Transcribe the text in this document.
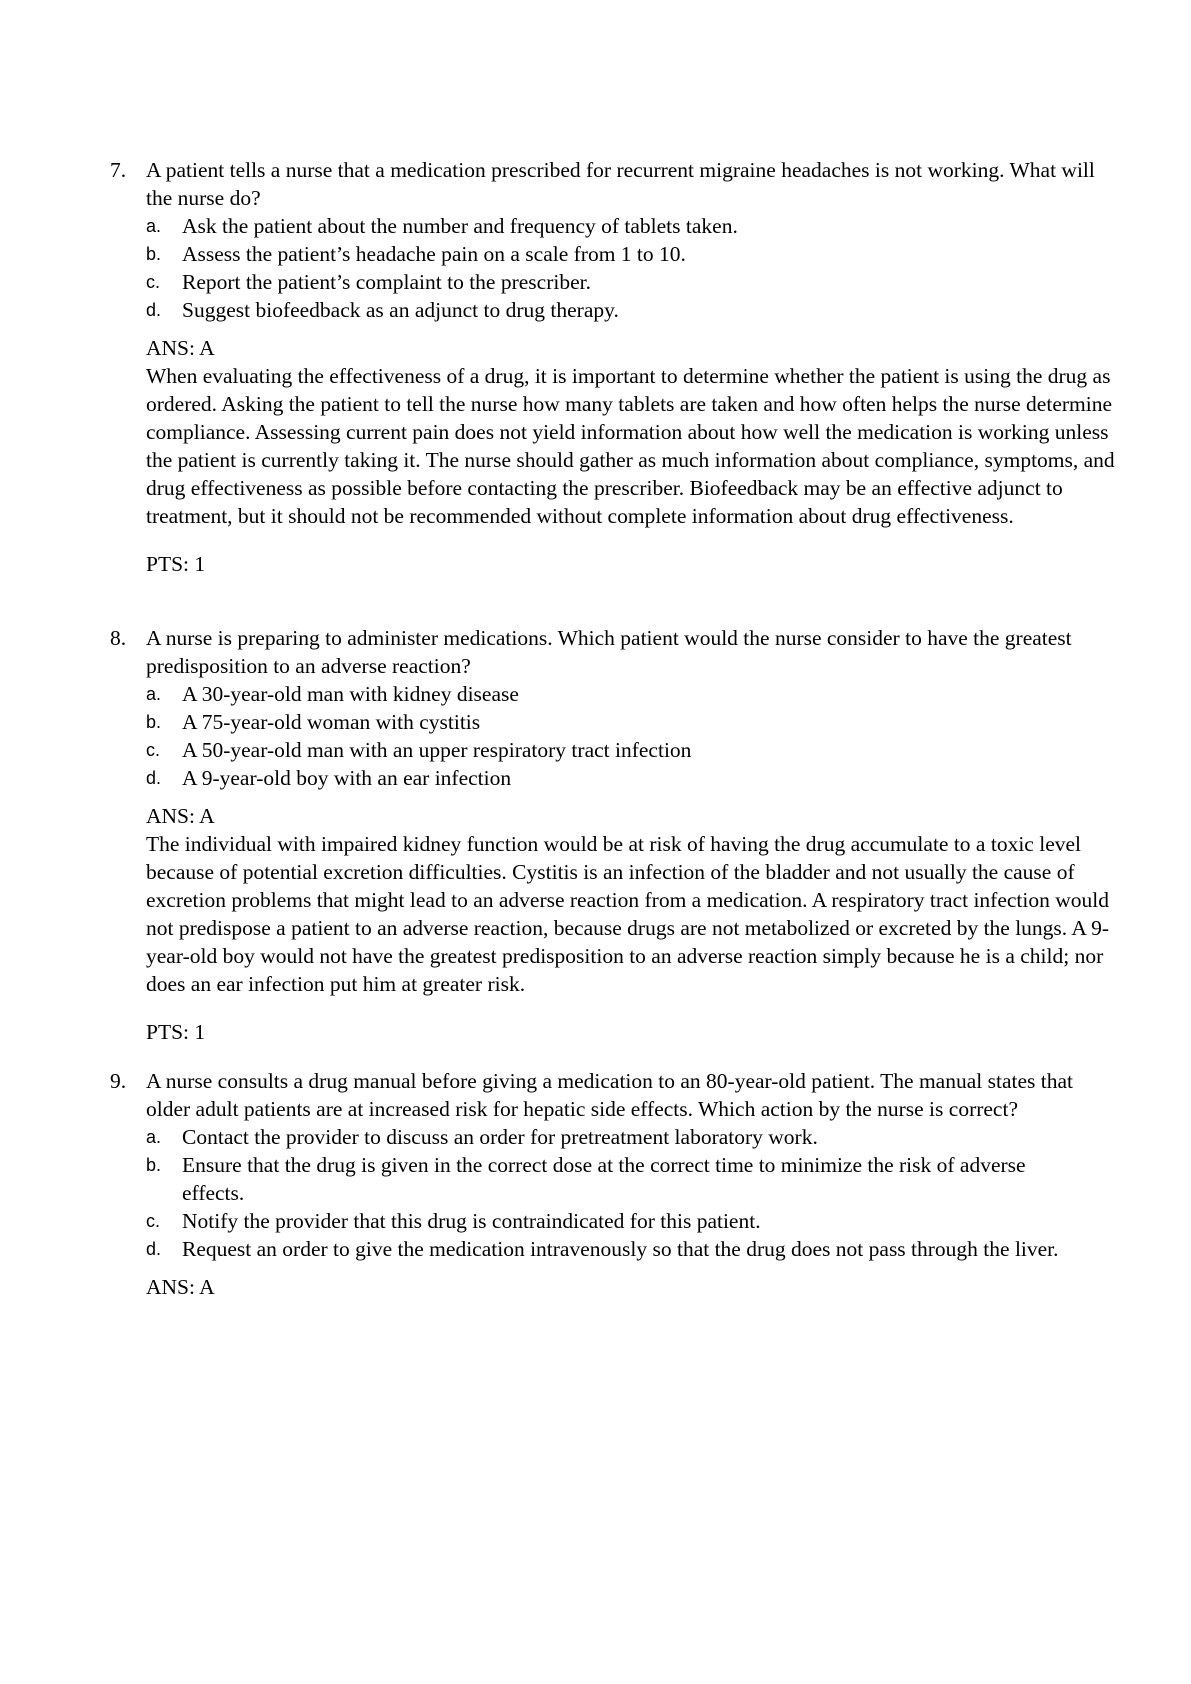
7. A patient tells a nurse that a medication prescribed for recurrent migraine headaches is not working. What will the nurse do?
a. Ask the patient about the number and frequency of tablets taken.
b. Assess the patient’s headache pain on a scale from 1 to 10.
c. Report the patient’s complaint to the prescriber.
d. Suggest biofeedback as an adjunct to drug therapy.
ANS: A
When evaluating the effectiveness of a drug, it is important to determine whether the patient is using the drug as ordered. Asking the patient to tell the nurse how many tablets are taken and how often helps the nurse determine compliance. Assessing current pain does not yield information about how well the medication is working unless the patient is currently taking it. The nurse should gather as much information about compliance, symptoms, and drug effectiveness as possible before contacting the prescriber. Biofeedback may be an effective adjunct to treatment, but it should not be recommended without complete information about drug effectiveness.
PTS: 1
8. A nurse is preparing to administer medications. Which patient would the nurse consider to have the greatest predisposition to an adverse reaction?
a. A 30-year-old man with kidney disease
b. A 75-year-old woman with cystitis
c. A 50-year-old man with an upper respiratory tract infection
d. A 9-year-old boy with an ear infection
ANS: A
The individual with impaired kidney function would be at risk of having the drug accumulate to a toxic level because of potential excretion difficulties. Cystitis is an infection of the bladder and not usually the cause of excretion problems that might lead to an adverse reaction from a medication. A respiratory tract infection would not predispose a patient to an adverse reaction, because drugs are not metabolized or excreted by the lungs. A 9-year-old boy would not have the greatest predisposition to an adverse reaction simply because he is a child; nor does an ear infection put him at greater risk.
PTS: 1
9. A nurse consults a drug manual before giving a medication to an 80-year-old patient. The manual states that older adult patients are at increased risk for hepatic side effects. Which action by the nurse is correct?
a. Contact the provider to discuss an order for pretreatment laboratory work.
b. Ensure that the drug is given in the correct dose at the correct time to minimize the risk of adverse effects.
c. Notify the provider that this drug is contraindicated for this patient.
d. Request an order to give the medication intravenously so that the drug does not pass through the liver.
ANS: A
